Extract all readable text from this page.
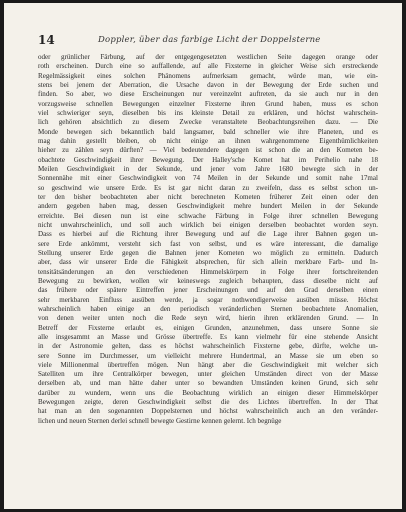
14	Doppler, über das farbige Licht der Doppelsterne
oder grünlicher Färbung, auf der entgegengesetzten westlichen Seite dagegen orange oder
roth erscheinen. Durch eine so auffallende, auf alle Fixsterne in gleicher Weise sich erstreckende
Regelmässigkeit eines solchen Phänomens aufmerksam gemacht, würde man, wie ein-
stens bei jenem der Aberration, die Ursache davon in der Bewegung der Erde suchen und
finden. So aber, wo diese Erscheinungen nur vereinzelnt auftreten, da sie auch nur in den
vorzugsweise schnellen Bewegungen einzelner Fixsterne ihren Grund haben, muss es schon
viel schwieriger seyn, dieselben bis ins kleinste Detail zu erklären, und höchst wahrschein-
lich gehören absichtlich zu diesem Zwecke veranstaltete Beobachtungsreihen dazu. — Die
Monde bewegen sich bekanntlich bald langsamer, bald schneller wie ihre Planeten, und es
mag dahin gestellt bleiben, ob nicht einige an ihnen wahrgenommene Eigenthümlichkeiten
hieher zu zählen seyn dürften? — Viel bedeutendere dagegen ist schon die an den Kometen be-
obachtete Geschwindigkeit ihrer Bewegung. Der Halley'sche Komet hat im Perihelio nahe 18
Meilen Geschwindigkeit in der Sekunde, und jener vom Jahre 1680 bewegte sich in der
Sonnennähe mit einer Geschwindigkeit von 74 Meilen in der Sekunde und somit nahe 17mal
so geschwind wie unsere Erde. Es ist gar nicht daran zu zweifeln, dass es selbst schon un-
ter den bisher beobachteten aber nicht berechneten Kometen früherer Zeit einen oder den
andern gegeben haben mag, dessen Geschwindigkeit mehre hundert Meilen in der Sekunde
erreichte. Bei diesen nun ist eine schwache Färbung in Folge ihrer schnellen Bewegung
nicht unwahrscheinlich, und soll auch wirklich bei einigen derselben beobachtet worden seyn.
Dass es hierbei auf die Richtung ihrer Bewegung und auf die Lage ihrer Bahnen gegen un-
sere Erde ankömmt, versteht sich fast von selbst, und es wäre interessant, die damalige
Stellung unserer Erde gegen die Bahnen jener Kometen wo möglich zu ermitteln. Dadurch
aber, dass wir unserer Erde die Fähigkeit absprechen, für sich allein merkbare Farb- und In-
tensitätsänderungen an den verschiedenen Himmelskörpern in Folge ihrer fortschreitenden
Bewegung zu bewirken, wollen wir keineswegs zugleich behaupten, dass dieselbe nicht auf
das frühere oder spätere Eintreffen jener Erscheinungen und auf den Grad derselben einen
sehr merkbaren Einfluss ausüben werde, ja sogar nothwendigerweise ausüben müsse. Höchst
wahrscheinlich haben einige an den periodisch veränderlichen Sternen beobachtete Anomalien,
von denen weiter unten noch die Rede seyn wird, hierin ihren erklärenden Grund. — In
Betreff der Fixsterne erlaubt es, einigen Grunden, anzunehmen, dass unsere Sonne sie
alle insgesammt an Masse und Grösse übertreffe. Es kann vielmehr für eine stehende Ansicht
in der Astronomie gelten, dass es höchst wahrscheinlich Fixsterne gebe, dürfte, welche un-
sere Sonne im Durchmesser, um vielleicht mehrere Hundertmal, an Masse sie um eben so
viele Millionenmal übertreffen mögen. Nun hängt aber die Geschwindigkeit mit welcher sich
Satelliten um ihre Centralkörper bewegen, unter gleichen Umständen direct von der Masse
derselben ab, und man hätte daher unter so bewandten Umständen keinen Grund, sich sehr
darüber zu wundern, wenn uns die Beobachtung wirklich an einigen dieser Himmelskörper
Bewegungen zeigte, deren Geschwindigkeit selbst die des Lichtes übertreffen. In der That
hat man an den sogenannten Doppelsternen und höchst wahrscheinlich auch an den veränder-
lichen und neuen Sternen derlei schnell bewegte Gestirne kennen gelernt. Ich begnüge
